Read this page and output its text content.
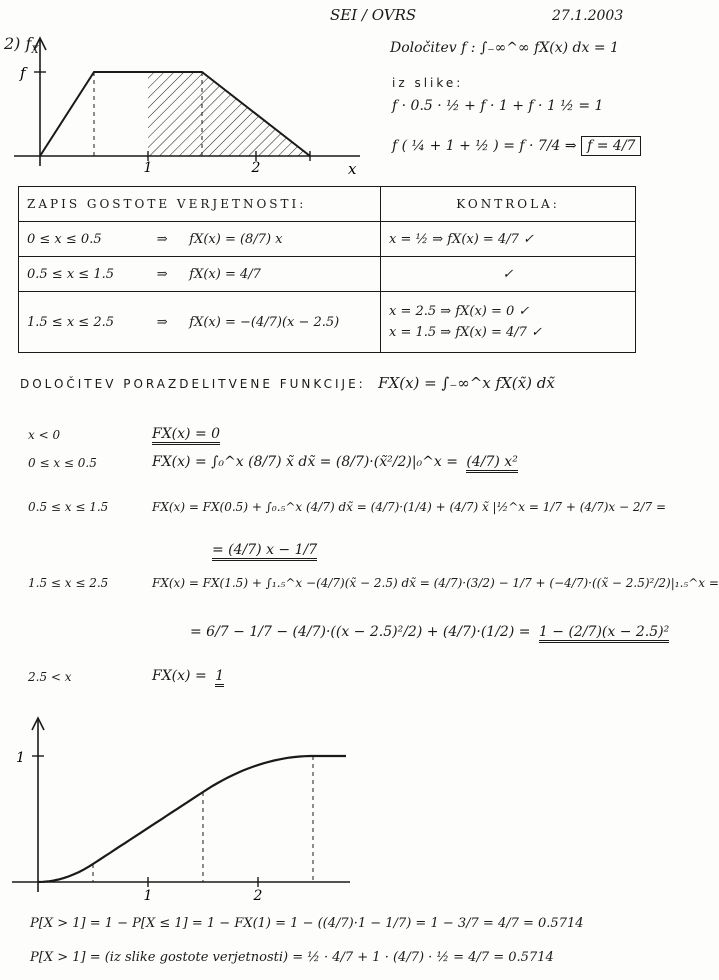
SEI / OVRS	27.1.2003
1	2	x
f
2) $f_X$	Določitev f : ∫₋∞^∞ fX(x) dx = 1
iz slike:
f · 0.5 · ½ + f · 1 + f · 1 ½ = 1
f ( ¼ + 1 + ½ ) = f · 7/4 ⇒ f = 4/7
ZAPIS GOSTOTE VERJETNOSTI:	KONTROLA:
0 ≤ x ≤ 0.5 ⇒ fX(x) = (8/7) x	x = ½ ⇒ fX(x) = 4/7 ✓
0.5 ≤ x ≤ 1.5 ⇒ fX(x) = 4/7	✓
1.5 ≤ x ≤ 2.5 ⇒ fX(x) = −(4/7)(x − 2.5)	x = 2.5 ⇒ fX(x) = 0 ✓
x = 1.5 ⇒ fX(x) = 4/7 ✓
DOLOČITEV PORAZDELITVENE FUNKCIJE: FX(x) = ∫₋∞^x fX(x̃) dx̃
x < 0	FX(x) = 0
0 ≤ x ≤ 0.5	FX(x) = ∫₀^x (8/7) x̃ dx̃ = (8/7)·(x̃²/2)|₀^x = (4/7) x²
0.5 ≤ x ≤ 1.5	FX(x) = FX(0.5) + ∫₀.₅^x (4/7) dx̃ = (4/7)·(1/4) + (4/7) x̃ |½^x = 1/7 + (4/7)x − 2/7 =
= (4/7) x − 1/7
1.5 ≤ x ≤ 2.5	FX(x) = FX(1.5) + ∫₁.₅^x −(4/7)(x̃ − 2.5) dx̃ = (4/7)·(3/2) − 1/7 + (−4/7)·((x̃ − 2.5)²/2)|₁.₅^x =
= 6/7 − 1/7 − (4/7)·((x − 2.5)²/2) + (4/7)·(1/2) = 1 − (2/7)(x − 2.5)²
2.5 < x	FX(x) = 1
1
1	2
P[X > 1] = 1 − P[X ≤ 1] = 1 − FX(1) = 1 − ((4/7)·1 − 1/7) = 1 − 3/7 = 4/7 = 0.5714
P[X > 1] = (iz slike gostote verjetnosti) = ½ · 4/7 + 1 · (4/7) · ½ = 4/7 = 0.5714
